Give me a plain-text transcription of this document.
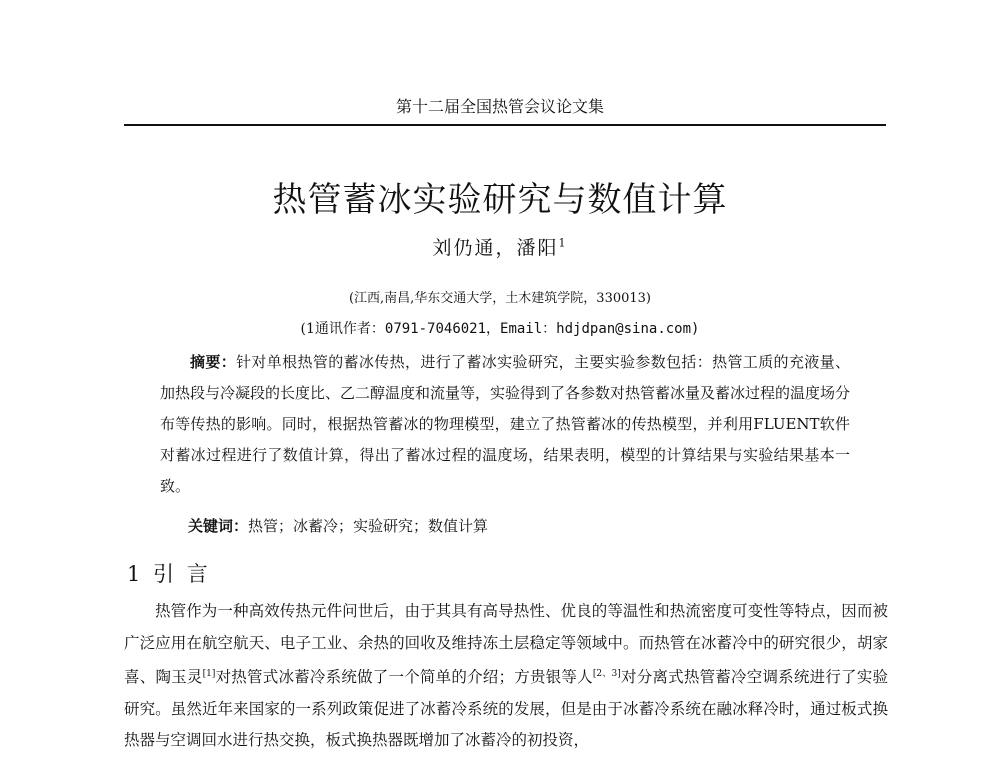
第十二届全国热管会议论文集
热管蓄冰实验研究与数值计算
刘仍通，潘阳$^1$
(江西,南昌,华东交通大学，土木建筑学院，330013)
(1通讯作者：0791-7046021，Email：hdjdpan@sina.com)
摘要：针对单根热管的蓄冰传热，进行了蓄冰实验研究，主要实验参数包括：热管工质的充液量、加热段与冷凝段的长度比、乙二醇温度和流量等，实验得到了各参数对热管蓄冰量及蓄冰过程的温度场分布等传热的影响。同时，根据热管蓄冰的物理模型，建立了热管蓄冰的传热模型，并利用FLUENT软件对蓄冰过程进行了数值计算，得出了蓄冰过程的温度场，结果表明，模型的计算结果与实验结果基本一致。
关键词：热管；冰蓄冷；实验研究；数值计算
1 引 言
热管作为一种高效传热元件问世后，由于其具有高导热性、优良的等温性和热流密度可变性等特点，因而被广泛应用在航空航天、电子工业、余热的回收及维持冻土层稳定等领域中。而热管在冰蓄冷中的研究很少，胡家喜、陶玉灵[1]对热管式冰蓄冷系统做了一个简单的介绍；方贵银等人[2、3]对分离式热管蓄冷空调系统进行了实验研究。虽然近年来国家的一系列政策促进了冰蓄冷系统的发展，但是由于冰蓄冷系统在融冰释冷时，通过板式换热器与空调回水进行热交换，板式换热器既增加了冰蓄冷的初投资，
